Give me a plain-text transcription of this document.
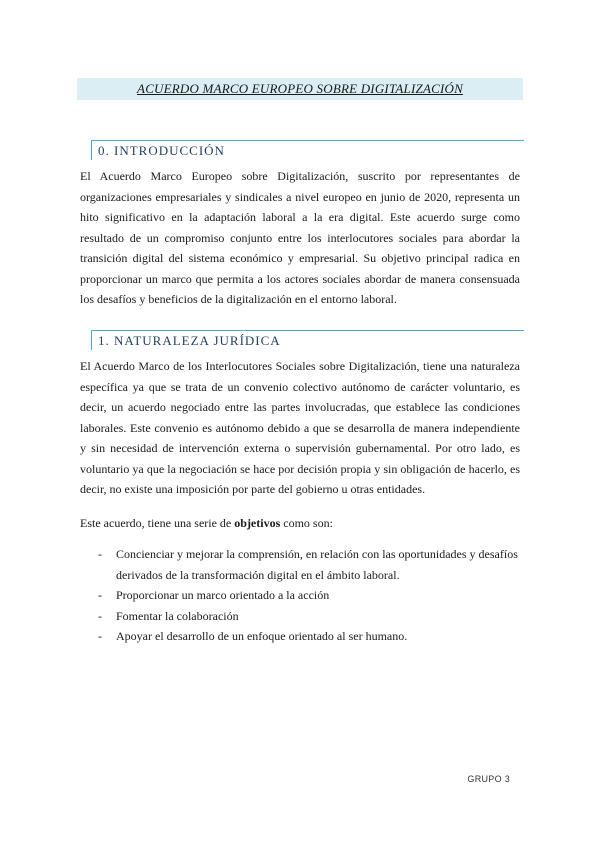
ACUERDO MARCO EUROPEO SOBRE DIGITALIZACIÓN
0. INTRODUCCIÓN

El Acuerdo Marco Europeo sobre Digitalización, suscrito por representantes de organizaciones empresariales y sindicales a nivel europeo en junio de 2020, representa un hito significativo en la adaptación laboral a la era digital. Este acuerdo surge como resultado de un compromiso conjunto entre los interlocutores sociales para abordar la transición digital del sistema económico y empresarial. Su objetivo principal radica en proporcionar un marco que permita a los actores sociales abordar de manera consensuada los desafíos y beneficios de la digitalización en el entorno laboral.

1. NATURALEZA JURÍDICA

El Acuerdo Marco de los Interlocutores Sociales sobre Digitalización, tiene una naturaleza específica ya que se trata de un convenio colectivo autónomo de carácter voluntario, es decir, un acuerdo negociado entre las partes involucradas, que establece las condiciones laborales. Este convenio es autónomo debido a que se desarrolla de manera independiente y sin necesidad de intervención externa o supervisión gubernamental. Por otro lado, es voluntario ya que la negociación se hace por decisión propia y sin obligación de hacerlo, es decir, no existe una imposición por parte del gobierno u otras entidades.

Este acuerdo, tiene una serie de objetivos como son:

- Concienciar y mejorar la comprensión, en relación con las oportunidades y desafíos derivados de la transformación digital en el ámbito laboral.
- Proporcionar un marco orientado a la acción
- Fomentar la colaboración
- Apoyar el desarrollo de un enfoque orientado al ser humano.
GRUPO 3
